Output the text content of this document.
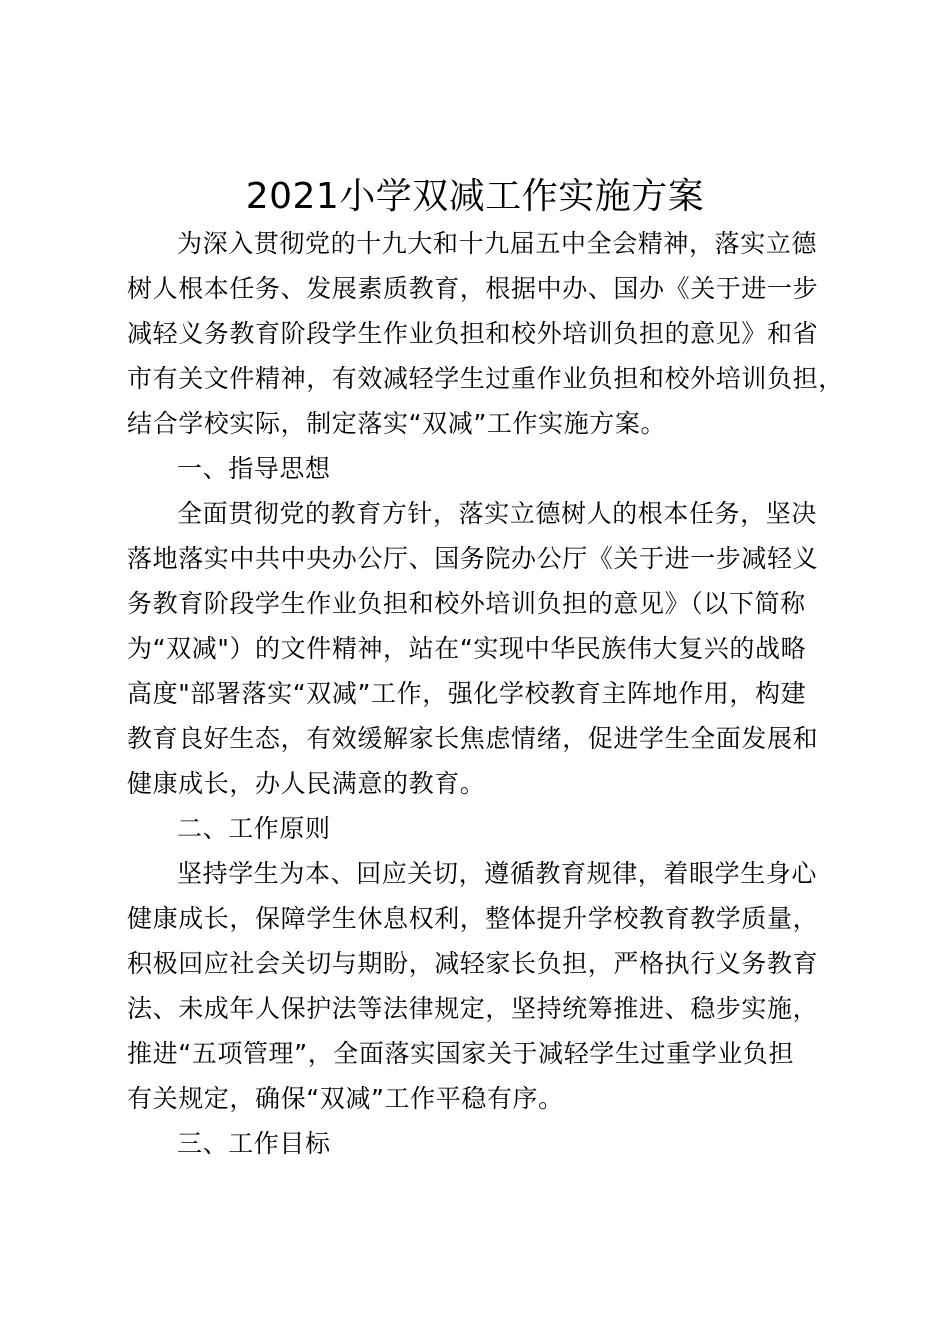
2021小学双减工作实施方案
为深入贯彻党的十九大和十九届五中全会精神，落实立德
树人根本任务、发展素质教育，根据中办、国办《关于进一步
减轻义务教育阶段学生作业负担和校外培训负担的意见》和省
市有关文件精神，有效减轻学生过重作业负担和校外培训负担，
结合学校实际，制定落实“双减”工作实施方案。
一、指导思想
全面贯彻党的教育方针，落实立德树人的根本任务，坚决
落地落实中共中央办公厅、国务院办公厅《关于进一步减轻义
务教育阶段学生作业负担和校外培训负担的意见》（以下简称
为“双减"）的文件精神，站在“实现中华民族伟大复兴的战略
高度"部署落实“双减”工作，强化学校教育主阵地作用，构建
教育良好生态，有效缓解家长焦虑情绪，促进学生全面发展和
健康成长，办人民满意的教育。
二、工作原则
坚持学生为本、回应关切，遵循教育规律，着眼学生身心
健康成长，保障学生休息权利，整体提升学校教育教学质量，
积极回应社会关切与期盼，减轻家长负担，严格执行义务教育
法、未成年人保护法等法律规定，坚持统筹推进、稳步实施，
推进“五项管理”，全面落实国家关于减轻学生过重学业负担
有关规定，确保“双减”工作平稳有序。
三、工作目标
